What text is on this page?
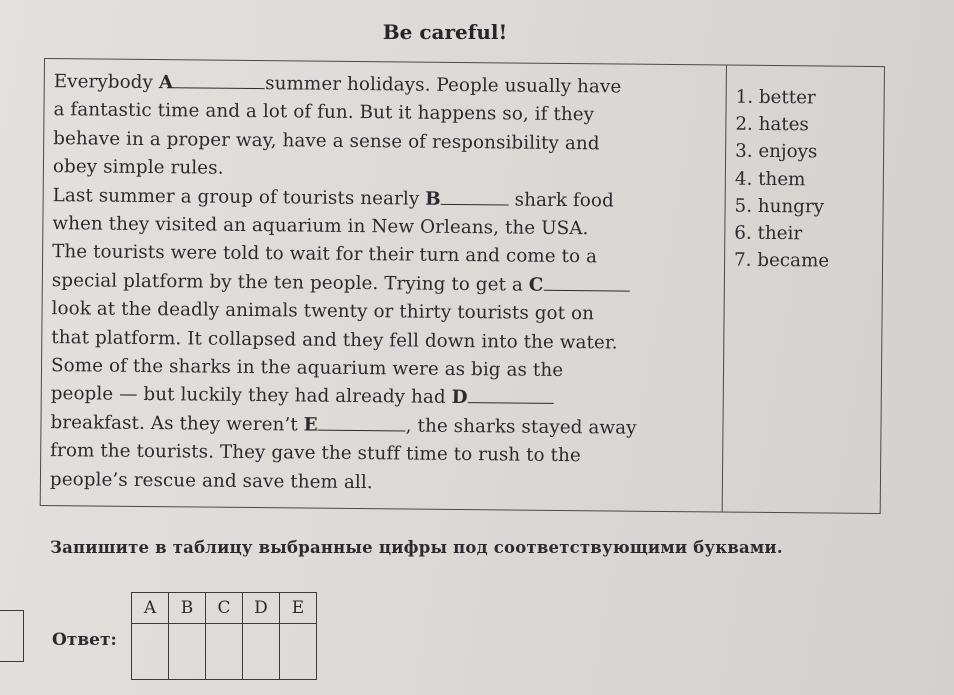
Be careful!
Everybody A	summer holidays. People usually have
a fantastic time and a lot of fun. But it happens so, if they
behave in a proper way, have a sense of responsibility and
obey simple rules.
Last summer a group of tourists nearly B	shark food
when they visited an aquarium in New Orleans, the USA.
The tourists were told to wait for their turn and come to a
special platform by the ten people. Trying to get a C
look at the deadly animals twenty or thirty tourists got on
that platform. It collapsed and they fell down into the water.
Some of the sharks in the aquarium were as big as the
people — but luckily they had already had D
breakfast. As they weren’t E	, the sharks stayed away
from the tourists. They gave the stuff time to rush to the
people’s rescue and save them all.
1. better
2. hates
3. enjoys
4. them
5. hungry
6. their
7. became
Запишите в таблицу выбранные цифры под соответствующими буквами.
Ответ:
A	B	C	D	E
